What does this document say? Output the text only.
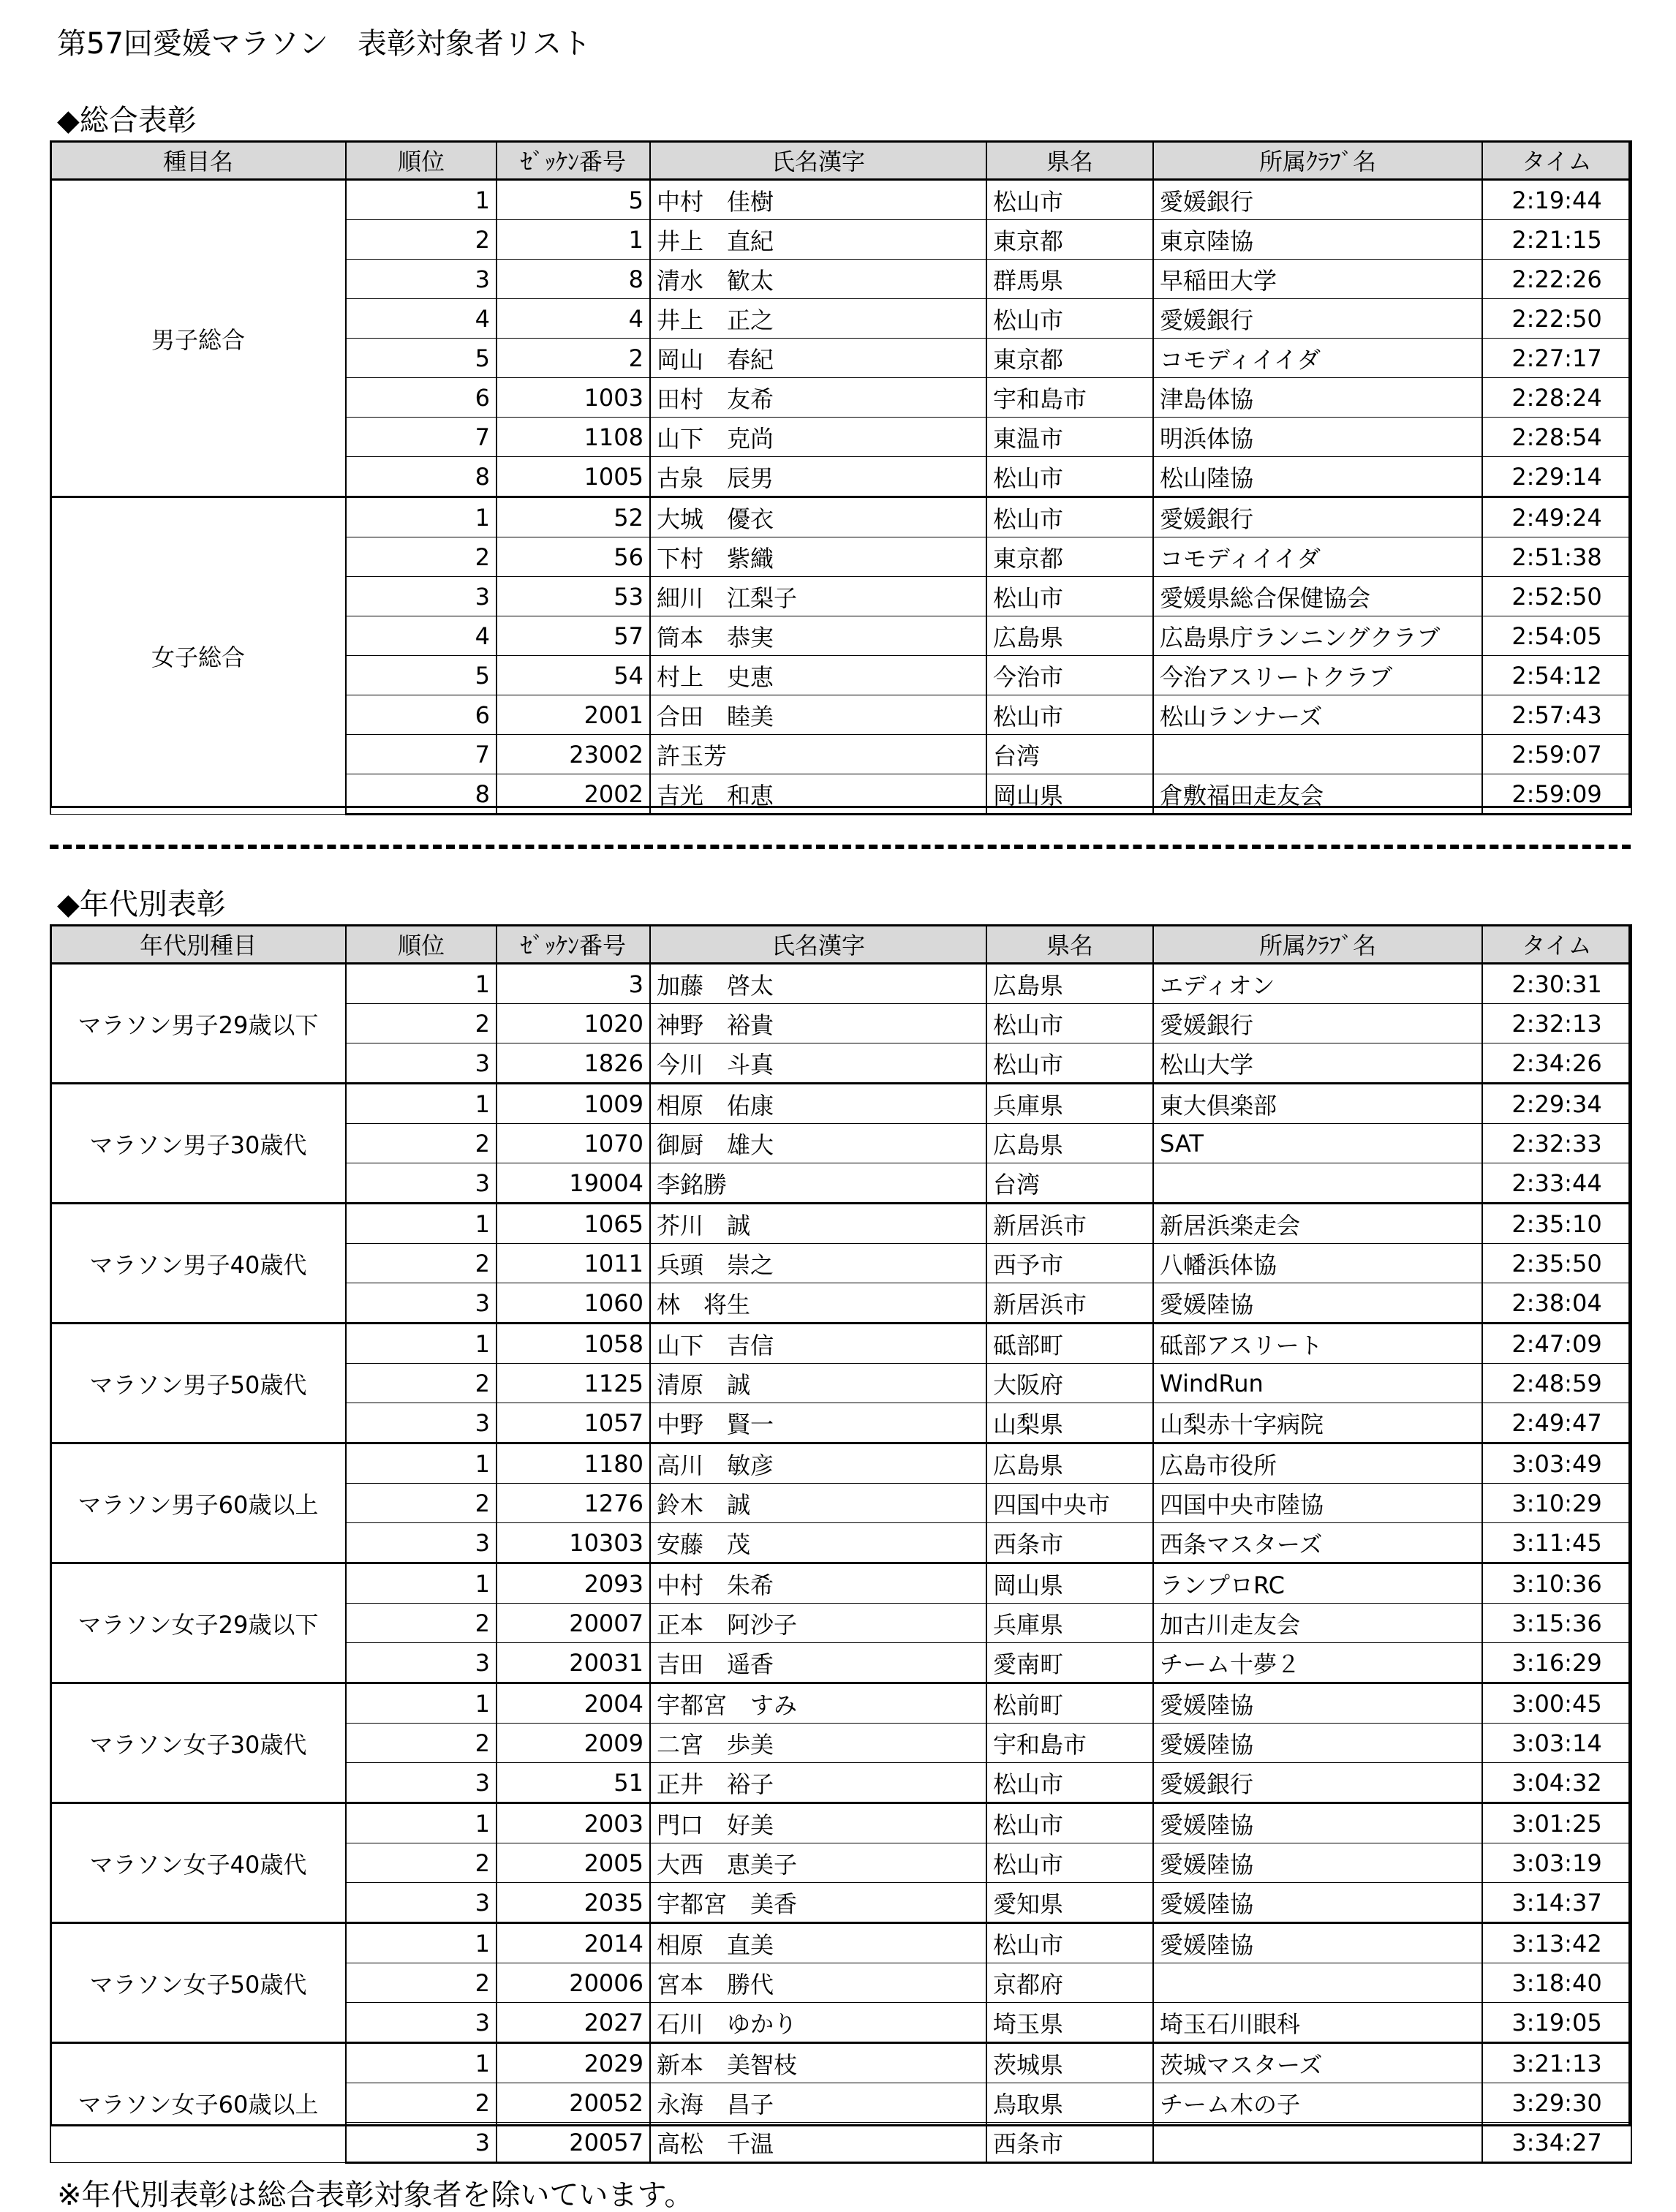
第57回愛媛マラソン　表彰対象者リスト
◆総合表彰
種目名	順位	ｾﾞｯｹﾝ番号	氏名漢字	県名	所属ｸﾗﾌﾞ名	タイム
男子総合	1	5	中村　佳樹	松山市	愛媛銀行	2:19:44
	2	1	井上　直紀	東京都	東京陸協	2:21:15
	3	8	清水　歓太	群馬県	早稲田大学	2:22:26
	4	4	井上　正之	松山市	愛媛銀行	2:22:50
	5	2	岡山　春紀	東京都	コモディイイダ	2:27:17
	6	1003	田村　友希	宇和島市	津島体協	2:28:24
	7	1108	山下　克尚	東温市	明浜体協	2:28:54
	8	1005	古泉　辰男	松山市	松山陸協	2:29:14
女子総合	1	52	大城　優衣	松山市	愛媛銀行	2:49:24
	2	56	下村　紫織	東京都	コモディイイダ	2:51:38
	3	53	細川　江梨子	松山市	愛媛県総合保健協会	2:52:50
	4	57	筒本　恭実	広島県	広島県庁ランニングクラブ	2:54:05
	5	54	村上　史恵	今治市	今治アスリートクラブ	2:54:12
	6	2001	合田　睦美	松山市	松山ランナーズ	2:57:43
	7	23002	許玉芳	台湾		2:59:07
	8	2002	吉光　和恵	岡山県	倉敷福田走友会	2:59:09
◆年代別表彰
年代別種目	順位	ｾﾞｯｹﾝ番号	氏名漢字	県名	所属ｸﾗﾌﾞ名	タイム
マラソン男子29歳以下	1	3	加藤　啓太	広島県	エディオン	2:30:31
	2	1020	神野　裕貴	松山市	愛媛銀行	2:32:13
	3	1826	今川　斗真	松山市	松山大学	2:34:26
マラソン男子30歳代	1	1009	相原　佑康	兵庫県	東大倶楽部	2:29:34
	2	1070	御厨　雄大	広島県	SAT	2:32:33
	3	19004	李銘勝	台湾		2:33:44
マラソン男子40歳代	1	1065	芥川　誠	新居浜市	新居浜楽走会	2:35:10
	2	1011	兵頭　崇之	西予市	八幡浜体協	2:35:50
	3	1060	林　将生	新居浜市	愛媛陸協	2:38:04
マラソン男子50歳代	1	1058	山下　吉信	砥部町	砥部アスリート	2:47:09
	2	1125	清原　誠	大阪府	WindRun	2:48:59
	3	1057	中野　賢一	山梨県	山梨赤十字病院	2:49:47
マラソン男子60歳以上	1	1180	高川　敏彦	広島県	広島市役所	3:03:49
	2	1276	鈴木　誠	四国中央市	四国中央市陸協	3:10:29
	3	10303	安藤　茂	西条市	西条マスターズ	3:11:45
マラソン女子29歳以下	1	2093	中村　朱希	岡山県	ランプロRC	3:10:36
	2	20007	正本　阿沙子	兵庫県	加古川走友会	3:15:36
	3	20031	吉田　遥香	愛南町	チーム十夢２	3:16:29
マラソン女子30歳代	1	2004	宇都宮　すみ	松前町	愛媛陸協	3:00:45
	2	2009	二宮　歩美	宇和島市	愛媛陸協	3:03:14
	3	51	正井　裕子	松山市	愛媛銀行	3:04:32
マラソン女子40歳代	1	2003	門口　好美	松山市	愛媛陸協	3:01:25
	2	2005	大西　恵美子	松山市	愛媛陸協	3:03:19
	3	2035	宇都宮　美香	愛知県	愛媛陸協	3:14:37
マラソン女子50歳代	1	2014	相原　直美	松山市	愛媛陸協	3:13:42
	2	20006	宮本　勝代	京都府		3:18:40
	3	2027	石川　ゆかり	埼玉県	埼玉石川眼科	3:19:05
マラソン女子60歳以上	1	2029	新本　美智枝	茨城県	茨城マスターズ	3:21:13
	2	20052	永海　昌子	鳥取県	チーム木の子	3:29:30
	3	20057	高松　千温	西条市		3:34:27
※年代別表彰は総合表彰対象者を除いています。
